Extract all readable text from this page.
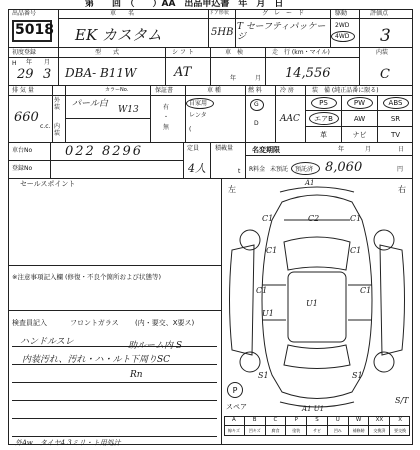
第　　回　（　　）AA　出品申込書　年　月　日
出品番号
5018
車　　名
EK カスタム
ドア形状
5HB
グ　レ　ー　ド
T セーフティパッケージ
駆動
2WD
4WD
評価点
3
初度登録
H 年 月
29 3
型　　式
DBA- B11W
シ フ ト
AT
車　検
年	月
走　行 (km・マイル)
14,556
内装
C
排 気 量
660
c.c.
外装	パール白
カラーNo.
W13
内装
保証書
有
・
無
車 種
自家用
レンタ
(
燃 料
G
D
冷 房
AAC
装　備 (純正品番に限る)
PS	PW	ABS
エアB	AW	SR
革	ナビ	TV
車台No	022 8296
登録No
定員
4人
積載量
t
名変期限	年	月	日
R料金 未預託 預託済 8,060	円
セールスポイント
※注意事項記入欄 (修復・不良个箇所および状態等)
検査員記入	フロントガラス (内・要交、X要ス)
ハンドルスレ
内装汚れ、汚れ・ハ・ルト
助ルーム内 S
下周りSC
Rn
外Aw　タイヤ4.3ミリ・ト用処汁
左	右
A1
C1	C2	C1
C1	C1
U1
C1	C1
U1
S1	S1
A1 U1
P
スペア
S/T
A	B	C	P	S	U	W	XX	X
線キズ	凹キズ	腐食	塗装	サビ	凹み	補修跡	交換済	要交換
